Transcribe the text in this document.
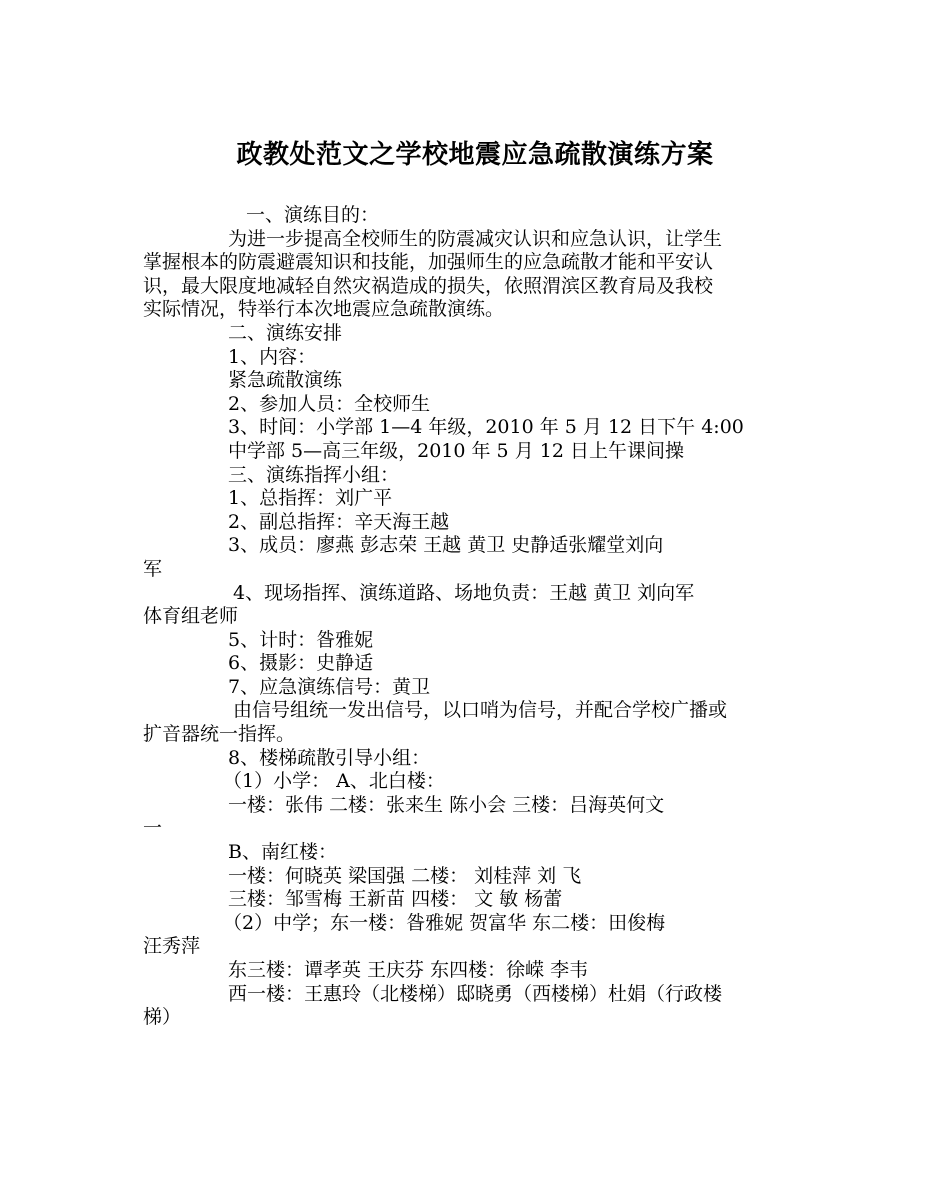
政教处范文之学校地震应急疏散演练方案
一、演练目的：
为进一步提高全校师生的防震减灾认识和应急认识，让学生
掌握根本的防震避震知识和技能，加强师生的应急疏散才能和平安认
识，最大限度地减轻自然灾祸造成的损失，依照渭滨区教育局及我校
实际情况，特举行本次地震应急疏散演练。
二、演练安排
1、内容：
紧急疏散演练
2、参加人员：全校师生
3、时间：小学部 1—4 年级，2010 年 5 月 12 日下午 4:00
中学部 5—高三年级，2010 年 5 月 12 日上午课间操
三、演练指挥小组：
1、总指挥：刘广平
2、副总指挥：辛天海王越
3、成员：廖燕 彭志荣 王越 黄卫 史静适张耀堂刘向
军
4、现场指挥、演练道路、场地负责：王越 黄卫 刘向军
体育组老师
5、计时：昝雅妮
6、摄影：史静适
7、应急演练信号：黄卫
由信号组统一发出信号，以口哨为信号，并配合学校广播或
扩音器统一指挥。
8、楼梯疏散引导小组：
（1）小学： A、北白楼：
一楼：张伟 二楼：张来生 陈小会 三楼：吕海英何文
一
B、南红楼：
一楼：何晓英 梁国强 二楼： 刘桂萍 刘 飞
三楼：邹雪梅 王新苗 四楼： 文 敏 杨蕾
（2）中学；东一楼：昝雅妮 贺富华 东二楼：田俊梅
汪秀萍
东三楼：谭孝英 王庆芬 东四楼：徐嵘 李韦
西一楼：王惠玲（北楼梯）邸晓勇（西楼梯）杜娟（行政楼
梯）
